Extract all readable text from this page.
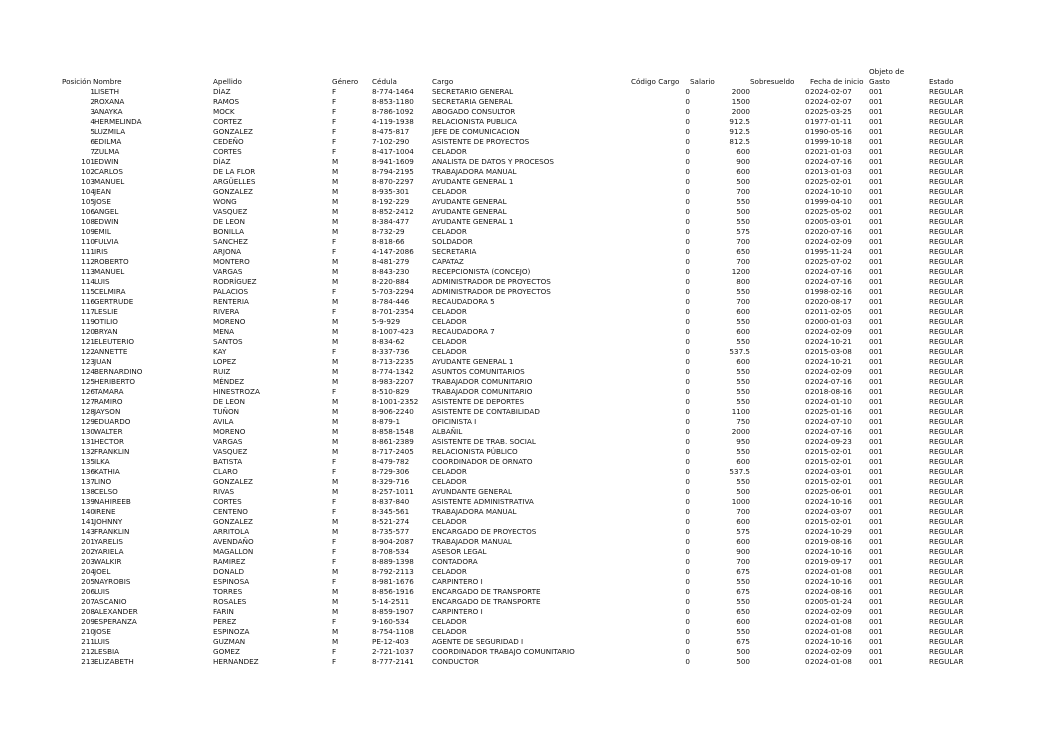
Posición Nombre	Apellido	Género Cédula	Cargo	Código Cargo Salario	Sobresueldo Fecha de inicio
Objeto de
Gasto	Estado
1 LISETH	DÍAZ	F	8-774-1464	SECRETARIO GENERAL	0	2000	0 2024-02-07 001	REGULAR
2 ROXANA	RAMOS	F	8-853-1180	SECRETARIA GENERAL	0	1500	0 2024-02-07 001	REGULAR
3 ANAYKA	MOCK	F	8-786-1092	ABOGADO CONSULTOR	0	2000	0 2025-03-25 001	REGULAR
4 HERMELINDA	CORTEZ	F	4-119-1938	RELACIONISTA PUBLICA	0	912.5	0 1977-01-11 001	REGULAR
5 LUZMILA	GONZALEZ	F	8-475-817	JEFE DE COMUNICACION	0	912.5	0 1990-05-16 001	REGULAR
6 EDILMA	CEDEÑO	F	7-102-290	ASISTENTE DE PROYECTOS	0	812.5	0 1999-10-18 001	REGULAR
7 ZULMA	CORTES	F	8-417-1004	CELADOR	0	600	0 2021-01-03 001	REGULAR
101 EDWIN	DÍAZ	M	8-941-1609	ANALISTA DE DATOS Y PROCESOS	0	900	0 2024-07-16 001	REGULAR
102 CARLOS	DE LA FLOR	M	8-794-2195	TRABAJADORA MANUAL	0	600	0 2013-01-03 001	REGULAR
103 MANUEL	ARGÜELLES	M	8-870-2297	AYUDANTE GENERAL 1	0	500	0 2025-02-01 001	REGULAR
104 JEAN	GONZALEZ	M	8-935-301	CELADOR	0	700	0 2024-10-10 001	REGULAR
105 JOSE	WONG	M	8-192-229	AYUDANTE GENERAL	0	550	0 1999-04-10 001	REGULAR
106 ANGEL	VASQUEZ	M	8-852-2412	AYUDANTE GENERAL	0	500	0 2025-05-02 001	REGULAR
108 EDWIN	DE LEON	M	8-384-477	AYUDANTE GENERAL 1	0	550	0 2005-03-01 001	REGULAR
109 EMIL	BONILLA	M	8-732-29	CELADOR	0	575	0 2020-07-16 001	REGULAR
110 FULVIA	SANCHEZ	F	8-818-66	SOLDADOR	0	700	0 2024-02-09 001	REGULAR
111 IRIS	ARJONA	F	4-147-2086	SECRETARIA	0	650	0 1995-11-24 001	REGULAR
112 ROBERTO	MONTERO	M	8-481-279	CAPATAZ	0	700	0 2025-07-02 001	REGULAR
113 MANUEL	VARGAS	M	8-843-230	RECEPCIONISTA (CONCEJO)	0	1200	0 2024-07-16 001	REGULAR
114 LUIS	RODRÍGUEZ	M	8-220-884	ADMINISTRADOR DE PROYECTOS	0	800	0 2024-07-16 001	REGULAR
115 CELMIRA	PALACIOS	F	5-703-2294	ADMINISTRADOR DE PROYECTOS	0	550	0 1998-02-16 001	REGULAR
116 GERTRUDE	RENTERIA	M	8-784-446	RECAUDADORA 5	0	700	0 2020-08-17 001	REGULAR
117 LESLIE	RIVERA	F	8-701-2354	CELADOR	0	600	0 2011-02-05 001	REGULAR
119 OTILIO	MORENO	M	5-9-929	CELADOR	0	550	0 2000-01-03 001	REGULAR
120 BRYAN	MENA	M	8-1007-423	RECAUDADORA 7	0	600	0 2024-02-09 001	REGULAR
121 ELEUTERIO	SANTOS	M	8-834-62	CELADOR	0	550	0 2024-10-21 001	REGULAR
122 ANNETTE	KAY	F	8-337-736	CELADOR	0	537.5	0 2015-03-08 001	REGULAR
123 JUAN	LOPEZ	M	8-713-2235	AYUDANTE GENERAL 1	0	600	0 2024-10-21 001	REGULAR
124 BERNARDINO	RUIZ	M	8-774-1342	ASUNTOS COMUNITARIOS	0	550	0 2024-02-09 001	REGULAR
125 HERIBERTO	MÉNDEZ	M	8-983-2207	TRABAJADOR COMUNITARIO	0	550	0 2024-07-16 001	REGULAR
126 TAMARA	HINESTROZA	F	8-510-829	TRABAJADOR COMUNITARIO	0	550	0 2018-08-16 001	REGULAR
127 RAMIRO	DE LEON	M	8-1001-2352 ASISTENTE DE DEPORTES	0	550	0 2024-01-10 001	REGULAR
128 JAYSON	TUÑON	M	8-906-2240	ASISTENTE DE CONTABILIDAD	0	1100	0 2025-01-16 001	REGULAR
129 EDUARDO	AVILA	M	8-879-1	OFICINISTA I	0	750	0 2024-07-10 001	REGULAR
130 WALTER	MORENO	M	8-858-1548	ALBAÑIL	0	2000	0 2024-07-16 001	REGULAR
131 HECTOR	VARGAS	M	8-861-2389	ASISTENTE DE TRAB. SOCIAL	0	950	0 2024-09-23 001	REGULAR
132 FRANKLIN	VASQUEZ	M	8-717-2405	RELACIONISTA PÚBLICO	0	550	0 2015-02-01 001	REGULAR
135 ILKA	BATISTA	F	8-479-782	COORDINADOR DE ORNATO	0	600	0 2015-02-01 001	REGULAR
136 KATHIA	CLARO	F	8-729-306	CELADOR	0	537.5	0 2024-03-01 001	REGULAR
137 LINO	GONZALEZ	M	8-329-716	CELADOR	0	550	0 2015-02-01 001	REGULAR
138 CELSO	RIVAS	M	8-257-1011	AYUNDANTE GENERAL	0	500	0 2025-06-01 001	REGULAR
139 NAHIREEB	CORTES	F	8-837-840	ASISTENTE ADMINISTRATIVA	0	1000	0 2024-10-16 001	REGULAR
140 IRENE	CENTENO	F	8-345-561	TRABAJADORA MANUAL	0	700	0 2024-03-07 001	REGULAR
141 JOHNNY	GONZALEZ	M	8-521-274	CELADOR	0	600	0 2015-02-01 001	REGULAR
143 FRANKLIN	ARRITOLA	M	8-735-577	ENCARGADO DE PROYECTOS	0	575	0 2024-10-29 001	REGULAR
201 YARELIS	AVENDAÑO	F	8-904-2087	TRABAJADOR MANUAL	0	600	0 2019-08-16 001	REGULAR
202 YARIELA	MAGALLON	F	8-708-534	ASESOR LEGAL	0	900	0 2024-10-16 001	REGULAR
203 WALKIR	RAMIREZ	F	8-889-1398	CONTADORA	0	700	0 2019-09-17 001	REGULAR
204 JOEL	DONALD	M	8-792-2113	CELADOR	0	675	0 2024-01-08 001	REGULAR
205 NAYROBIS	ESPINOSA	F	8-981-1676	CARPINTERO I	0	550	0 2024-10-16 001	REGULAR
206 LUIS	TORRES	M	8-856-1916	ENCARGADO DE TRANSPORTE	0	675	0 2024-08-16 001	REGULAR
207 ASCANIO	ROSALES	M	5-14-2511	ENCARGADO DE TRANSPORTE	0	550	0 2005-01-24 001	REGULAR
208 ALEXANDER	FARIN	M	8-859-1907	CARPINTERO I	0	650	0 2024-02-09 001	REGULAR
209 ESPERANZA	PEREZ	F	9-160-534	CELADOR	0	600	0 2024-01-08 001	REGULAR
210 JOSE	ESPINOZA	M	8-754-1108	CELADOR	0	550	0 2024-01-08 001	REGULAR
211 LUIS	GUZMAN	M	PE-12-403	AGENTE DE SEGURIDAD I	0	675	0 2024-10-16 001	REGULAR
212 LESBIA	GOMEZ	F	2-721-1037	COORDINADOR TRABAJO COMUNITARIO	0	500	0 2024-02-09 001	REGULAR
213 ELIZABETH	HERNANDEZ	F	8-777-2141	CONDUCTOR	0	500	0 2024-01-08 001	REGULAR
